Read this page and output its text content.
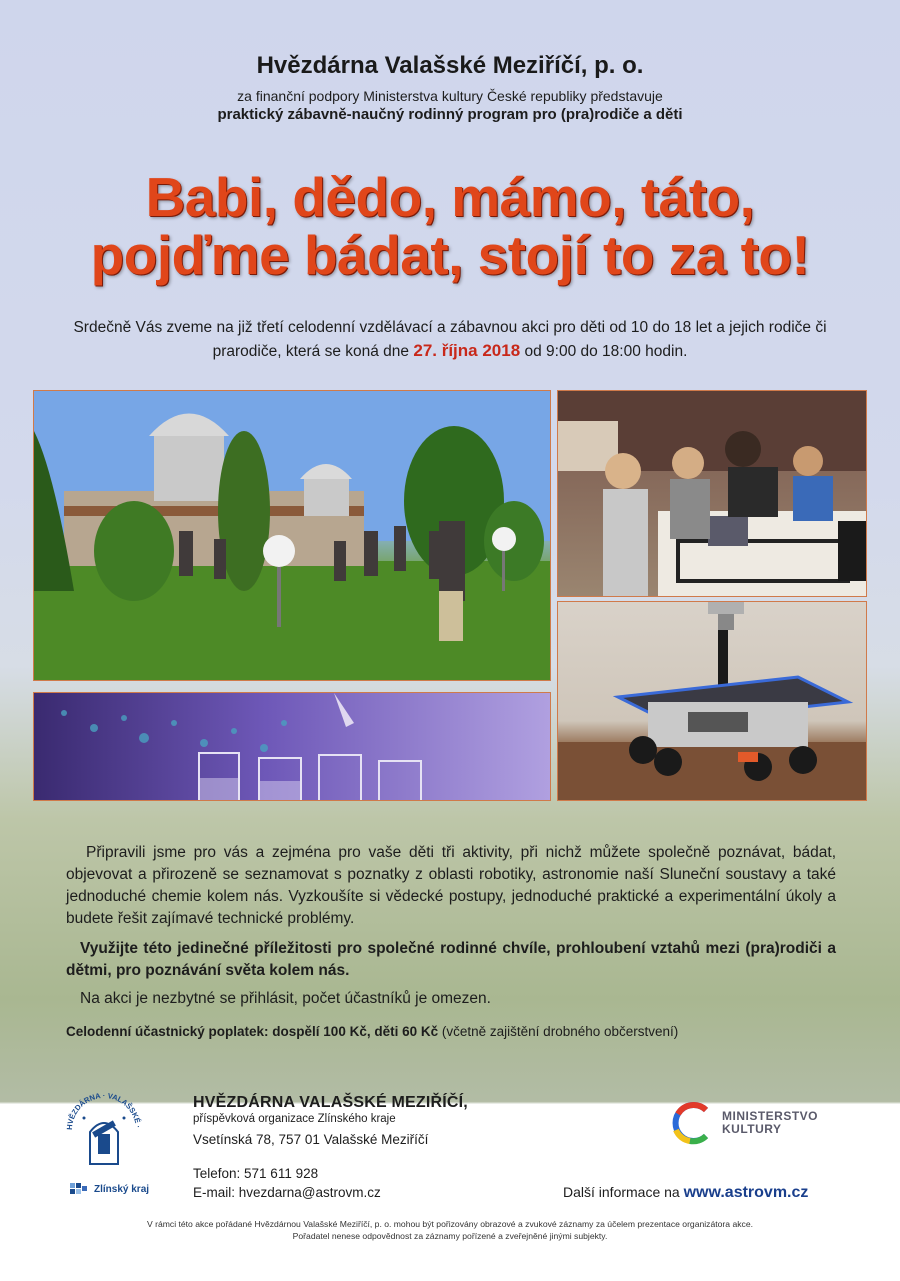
Hvězdárna Valašské Meziříčí, p. o.
za finanční podpory Ministerstva kultury České republiky představuje
praktický zábavně-naučný rodinný program pro (pra)rodiče a děti
Babi, dědo, mámo, táto,
pojďme bádat, stojí to za to!
Srdečně Vás zveme na již třetí celodenní vzdělávací a zábavnou akci pro děti od 10 do 18 let a jejich rodiče či prarodiče, která se koná dne 27. října 2018 od 9:00 do 18:00 hodin.

Připravili jsme pro vás a zejména pro vaše děti tři aktivity, při nichž můžete společně poznávat, bádat, objevovat a přirozeně se seznamovat s poznatky z oblasti robotiky, astronomie naší Sluneční soustavy a také jednoduché chemie kolem nás. Vyzkoušíte si vědecké postupy, jednoduché praktické a experimentální úkoly a budete řešit zajímavé technické problémy.

Využijte této jedinečné příležitosti pro společné rodinné chvíle, prohloubení vztahů mezi (pra)rodiči a dětmi, pro poznávání světa kolem nás.

Na akci je nezbytné se přihlásit, počet účastníků je omezen.

Celodenní účastnický poplatek: dospělí 100 Kč, děti 60 Kč (včetně zajištění drobného občerstvení)
HVĚZDÁRNA · VALAŠSKÉ ·
Zlínský kraj
HVĚZDÁRNA VALAŠSKÉ MEZIŘÍČÍ,
příspěvková organizace Zlínského kraje
Vsetínská 78, 757 01 Valašské Meziříčí
Telefon: 571 611 928
E-mail: hvezdarna@astrovm.cz
MINISTERSTVO
KULTURY
Další informace na www.astrovm.cz
V rámci této akce pořádané Hvězdárnou Valašské Meziříčí, p. o. mohou být pořizovány obrazové a zvukové záznamy za účelem prezentace organizátora akce.
Pořadatel nenese odpovědnost za záznamy pořízené a zveřejněné jinými subjekty.
